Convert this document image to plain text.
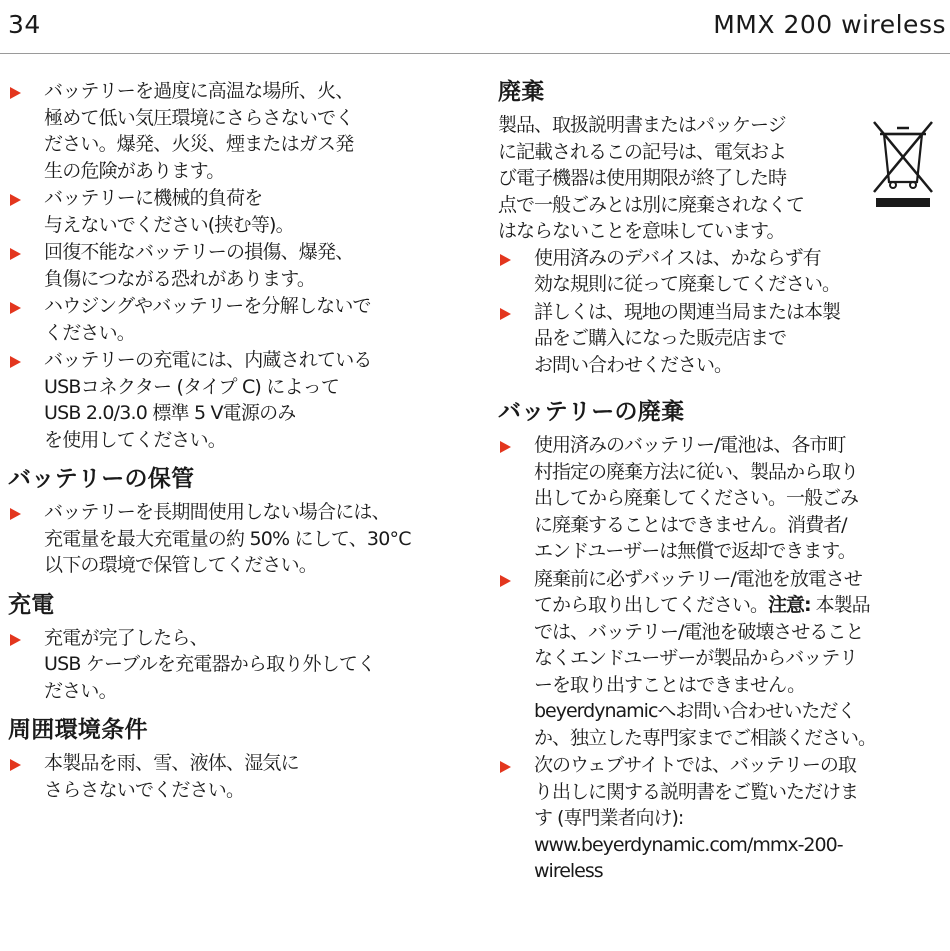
34	MMX 200 wireless
バッテリーを過度に高温な場所、火、
極めて低い気圧環境にさらさないでく
ださい。爆発、火災、煙またはガス発
生の危険があります。
バッテリーに機械的負荷を
与えないでください(挟む等)。
回復不能なバッテリーの損傷、爆発、
負傷につながる恐れがあります。
ハウジングやバッテリーを分解しないで
ください。
バッテリーの充電には、内蔵されている
USBコネクター (タイプ C) によって
USB 2.0/3.0 標準 5 V電源のみ
を使用してください。
バッテリーの保管
バッテリーを長期間使用しない場合には、
充電量を最大充電量の約 50% にして、30°C
以下の環境で保管してください。
充電
充電が完了したら、
USB ケーブルを充電器から取り外してく
ださい。
周囲環境条件
本製品を雨、雪、液体、湿気に
さらさないでください。
廃棄

製品、取扱説明書またはパッケージ
に記載されるこの記号は、電気およ
び電子機器は使用期限が終了した時
点で一般ごみとは別に廃棄されなくて
はならないことを意味しています。

使用済みのデバイスは、かならず有
効な規則に従って廃棄してください。
詳しくは、現地の関連当局または本製
品をご購入になった販売店まで
お問い合わせください。
バッテリーの廃棄
使用済みのバッテリー/電池は、各市町
村指定の廃棄方法に従い、製品から取り
出してから廃棄してください。一般ごみ
に廃棄することはできません。消費者/
エンドユーザーは無償で返却できます。
廃棄前に必ずバッテリー/電池を放電させ
てから取り出してください。注意: 本製品
では、バッテリー/電池を破壊させること
なくエンドユーザーが製品からバッテリ
ーを取り出すことはできません。
beyerdynamicへお問い合わせいただく
か、独立した専門家までご相談ください。
次のウェブサイトでは、バッテリーの取
り出しに関する説明書をご覧いただけま
す (専門業者向け):
www.beyerdynamic.com/mmx-200-
wireless
